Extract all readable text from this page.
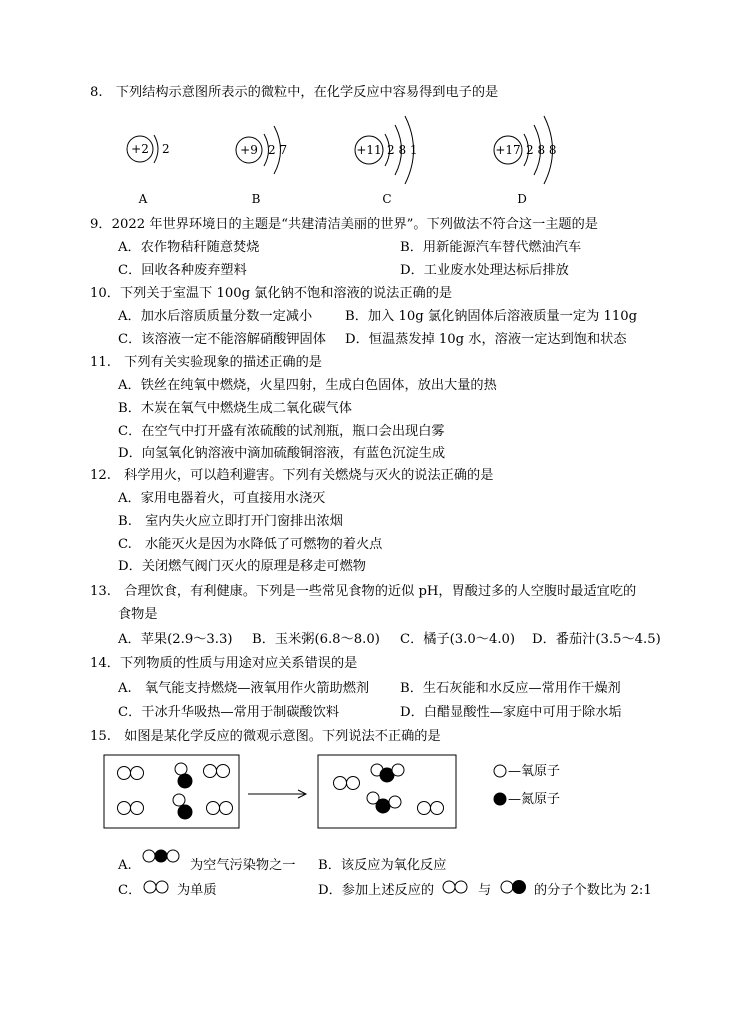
8.　下列结构示意图所表示的微粒中，在化学反应中容易得到电子的是
+2 2
A
+9 2 7
B
+11 2 8 1
C
+17 2 8 8
D
9．2022 年世界环境日的主题是“共建清洁美丽的世界”。下列做法不符合这一主题的是
A．农作物秸秆随意焚烧	B．用新能源汽车替代燃油汽车
C．回收各种废弃塑料	D．工业废水处理达标后排放
10．下列关于室温下 100g 氯化钠不饱和溶液的说法正确的是
A．加水后溶质质量分数一定减小 B．加入 10g 氯化钠固体后溶液质量一定为 110g
C．该溶液一定不能溶解硝酸钾固体 D．恒温蒸发掉 10g 水，溶液一定达到饱和状态
11.　下列有关实验现象的描述正确的是
A．铁丝在纯氧中燃烧，火星四射，生成白色固体，放出大量的热
B．木炭在氧气中燃烧生成二氧化碳气体
C．在空气中打开盛有浓硫酸的试剂瓶，瓶口会出现白雾
D．向氢氧化钠溶液中滴加硫酸铜溶液，有蓝色沉淀生成
12.　科学用火，可以趋利避害。下列有关燃烧与灭火的说法正确的是
A．家用电器着火，可直接用水浇灭
B.　室内失火应立即打开门窗排出浓烟
C.　水能灭火是因为水降低了可燃物的着火点
D．关闭燃气阀门灭火的原理是移走可燃物
13.　合理饮食，有利健康。下列是一些常见食物的近似 pH，胃酸过多的人空腹时最适宜吃的
食物是
A．苹果(2.9～3.3) B．玉米粥(6.8～8.0) C．橘子(3.0～4.0) D．番茄汁(3.5～4.5)
14．下列物质的性质与用途对应关系错误的是
A.　氧气能支持燃烧—液氧用作火箭助燃剂 B．生石灰能和水反应—常用作干燥剂
C．干冰升华吸热—常用于制碳酸饮料	D．白醋显酸性—家庭中可用于除水垢
15.　如图是某化学反应的微观示意图。下列说法不正确的是
—氧原子
—氮原子
A.	为空气污染物之一 B．该反应为氧化反应
C．	为单质	D．参加上述反应的	与	的分子个数比为 2:1
